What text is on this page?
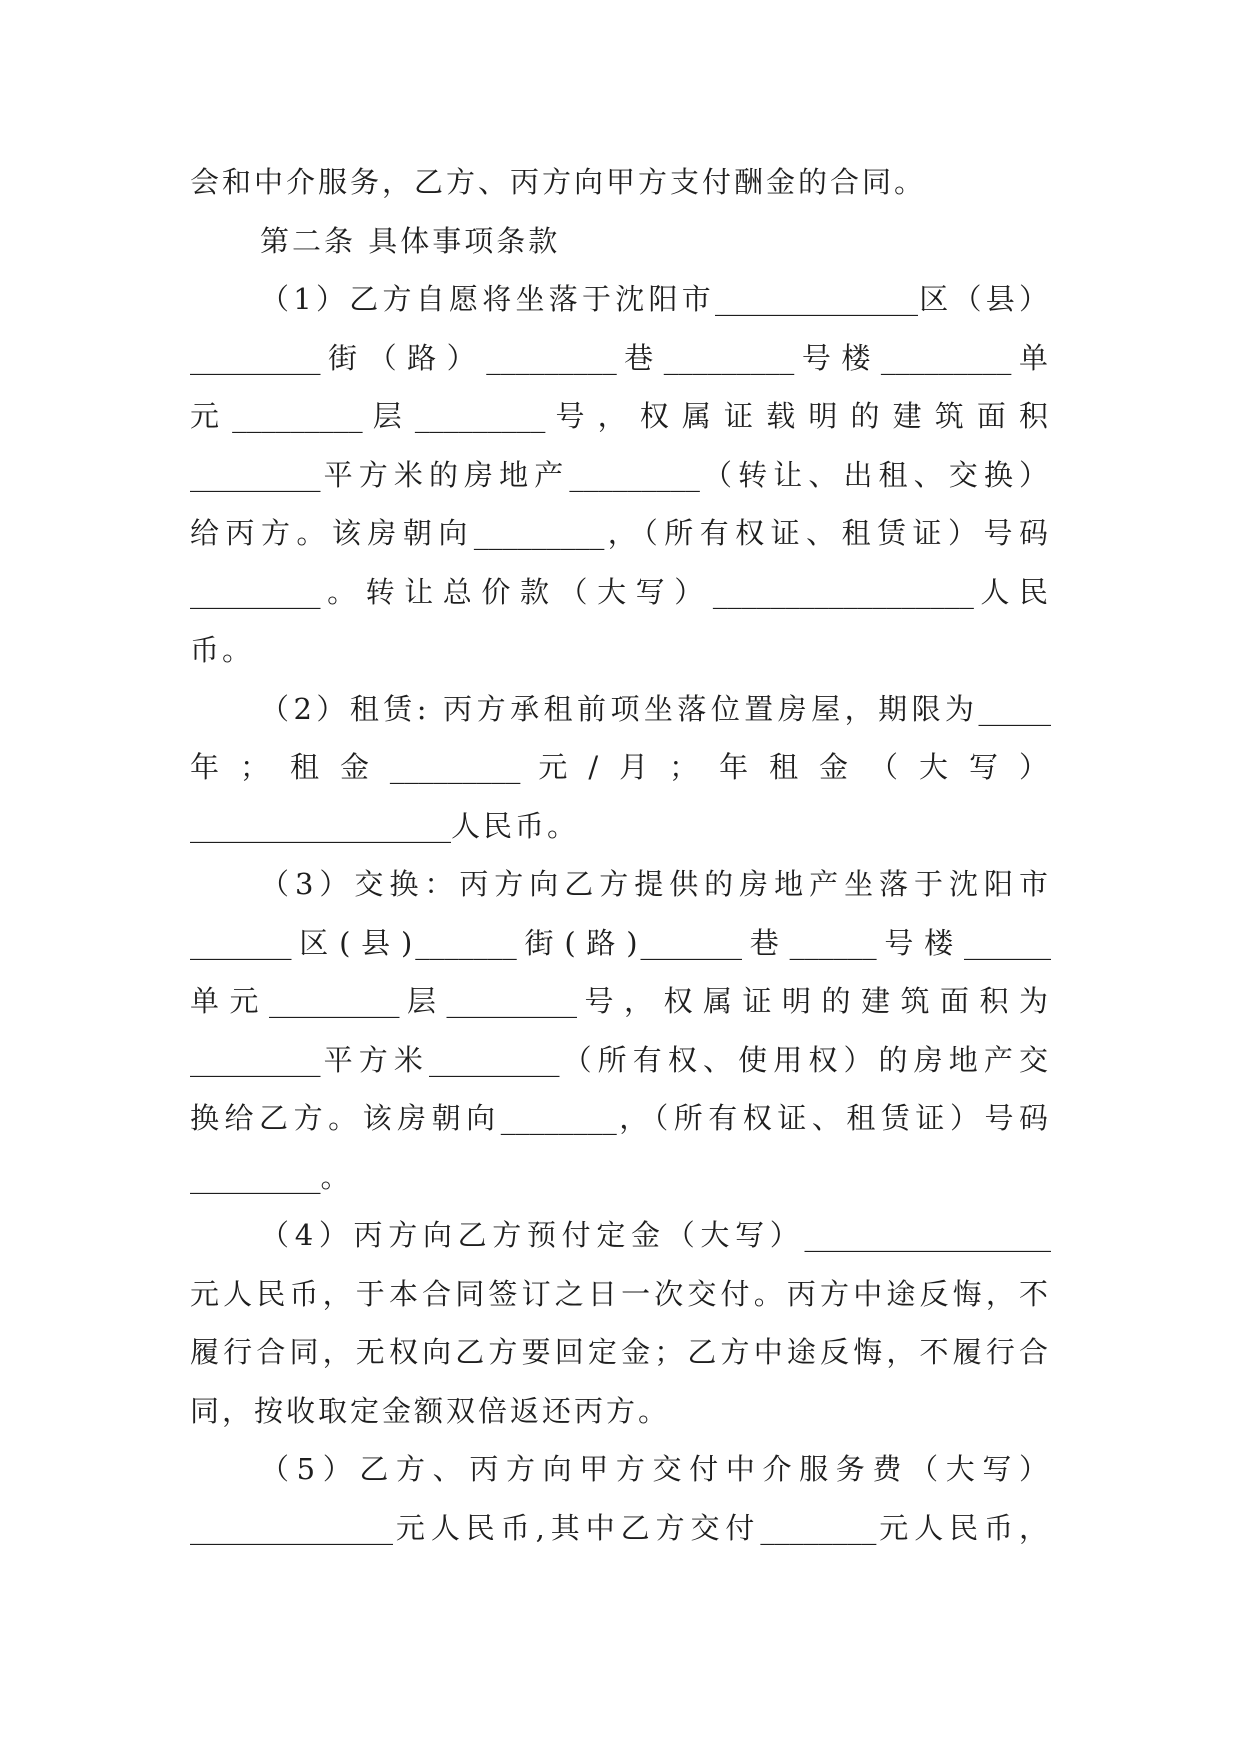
会和中介服务，乙方、丙方向甲方支付酬金的合同。
第二条 具体事项条款
（1）乙方自愿将坐落于沈阳市______________区（县）
_________街（路）_________巷_________号楼_________单
元_________层_________号，权属证载明的建筑面积
_________平方米的房地产_________（转让、出租、交换）
给丙方。该房朝向_________，（所有权证、租赁证）号码
_________。转让总价款（大写）__________________人民
币。
（2）租赁: 丙方承租前项坐落位置房屋，期限为_____
年；租金_________元/月；年租金（大写）
__________________人民币。
（3）交换：丙方向乙方提供的房地产坐落于沈阳市
_______区(县)_______街(路)_______巷______号楼______
单元_________层_________号，权属证明的建筑面积为
_________平方米_________（所有权、使用权）的房地产交
换给乙方。该房朝向________，（所有权证、租赁证）号码
_________。
（4）丙方向乙方预付定金（大写）_________________
元人民币，于本合同签订之日一次交付。丙方中途反悔，不
履行合同，无权向乙方要回定金；乙方中途反悔，不履行合
同，按收取定金额双倍返还丙方。
（5）乙方、丙方向甲方交付中介服务费（大写）
______________元人民币,其中乙方交付________元人民币，
